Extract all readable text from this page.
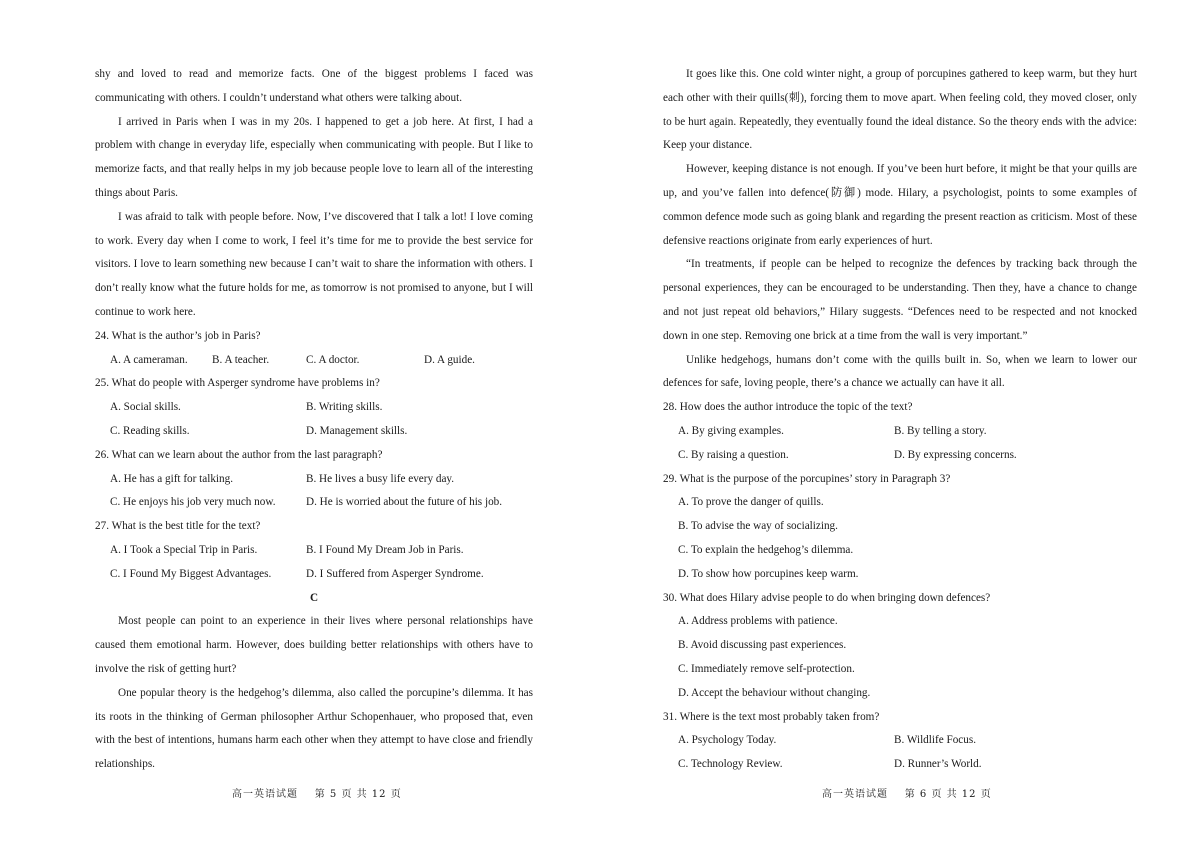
shy and loved to read and memorize facts. One of the biggest problems I faced was communicating with others. I couldn’t understand what others were talking about.

I arrived in Paris when I was in my 20s. I happened to get a job here. At first, I had a problem with change in everyday life, especially when communicating with people. But I like to memorize facts, and that really helps in my job because people love to learn all of the interesting things about Paris.

I was afraid to talk with people before. Now, I’ve discovered that I talk a lot! I love coming to work. Every day when I come to work, I feel it’s time for me to provide the best service for visitors. I love to learn something new because I can’t wait to share the information with others. I don’t really know what the future holds for me, as tomorrow is not promised to anyone, but I will continue to work here.

24. What is the author’s job in Paris?

A. A cameraman.	B. A teacher.	C. A doctor.	D. A guide.

25. What do people with Asperger syndrome have problems in?

A. Social skills.	B. Writing skills.
C. Reading skills.	D. Management skills.

26. What can we learn about the author from the last paragraph?

A. He has a gift for talking.	B. He lives a busy life every day.
C. He enjoys his job very much now.	D. He is worried about the future of his job.

27. What is the best title for the text?

A. I Took a Special Trip in Paris.	B. I Found My Dream Job in Paris.
C. I Found My Biggest Advantages.	D. I Suffered from Asperger Syndrome.

C

Most people can point to an experience in their lives where personal relationships have caused them emotional harm. However, does building better relationships with others have to involve the risk of getting hurt?

One popular theory is the hedgehog’s dilemma, also called the porcupine’s dilemma. It has its roots in the thinking of German philosopher Arthur Schopenhauer, who proposed that, even with the best of intentions, humans harm each other when they attempt to have close and friendly relationships.

高一英语试题 第 5 页 共 12 页

It goes like this. One cold winter night, a group of porcupines gathered to keep warm, but they hurt each other with their quills(刺), forcing them to move apart. When feeling cold, they moved closer, only to be hurt again. Repeatedly, they eventually found the ideal distance. So the theory ends with the advice: Keep your distance.

However, keeping distance is not enough. If you’ve been hurt before, it might be that your quills are up, and you’ve fallen into defence(防御) mode. Hilary, a psychologist, points to some examples of common defence mode such as going blank and regarding the present reaction as criticism. Most of these defensive reactions originate from early experiences of hurt.

“In treatments, if people can be helped to recognize the defences by tracking back through the personal experiences, they can be encouraged to be understanding. Then they, have a chance to change and not just repeat old behaviors,” Hilary suggests. “Defences need to be respected and not knocked down in one step. Removing one brick at a time from the wall is very important.”

Unlike hedgehogs, humans don’t come with the quills built in. So, when we learn to lower our defences for safe, loving people, there’s a chance we actually can have it all.

28. How does the author introduce the topic of the text?

A. By giving examples.	B. By telling a story.
C. By raising a question.	D. By expressing concerns.

29. What is the purpose of the porcupines’ story in Paragraph 3?

A. To prove the danger of quills.
B. To advise the way of socializing.
C. To explain the hedgehog’s dilemma.
D. To show how porcupines keep warm.

30. What does Hilary advise people to do when bringing down defences?

A. Address problems with patience.
B. Avoid discussing past experiences.
C. Immediately remove self-protection.
D. Accept the behaviour without changing.

31. Where is the text most probably taken from?

A. Psychology Today.	B. Wildlife Focus.
C. Technology Review.	D. Runner’s World.
高一英语试题 第 6 页 共 12 页
